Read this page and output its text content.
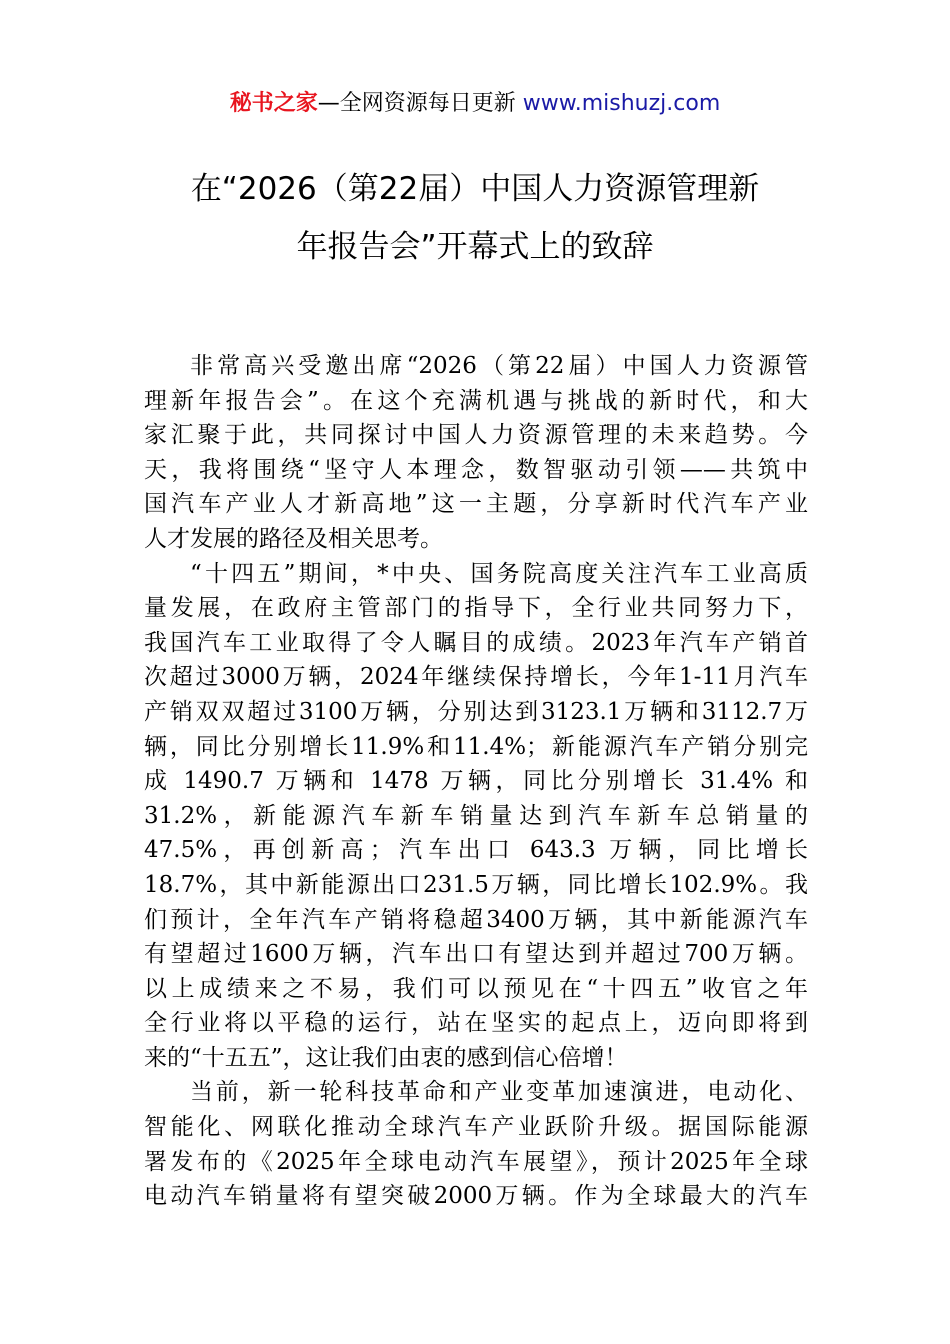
秘书之家—全网资源每日更新 www.mishuzj.com
在“2026（第22届）中国人力资源管理新
年报告会”开幕式上的致辞
非常高兴受邀出席“2026（第22届）中国人力资源管
理新年报告会”。在这个充满机遇与挑战的新时代，和大
家汇聚于此，共同探讨中国人力资源管理的未来趋势。今
天，我将围绕“坚守人本理念，数智驱动引领——共筑中
国汽车产业人才新高地”这一主题，分享新时代汽车产业
人才发展的路径及相关思考。
“十四五”期间，*中央、国务院高度关注汽车工业高质
量发展，在政府主管部门的指导下，全行业共同努力下，
我国汽车工业取得了令人瞩目的成绩。2023年汽车产销首
次超过3000万辆，2024年继续保持增长，今年1-11月汽车
产销双双超过3100万辆，分别达到3123.1万辆和3112.7万
辆，同比分别增长11.9%和11.4%；新能源汽车产销分别完
成 1490.7 万辆和 1478 万辆，同比分别增长 31.4% 和
31.2%，新能源汽车新车销量达到汽车新车总销量的
47.5%，再创新高；汽车出口 643.3 万辆，同比增长
18.7%，其中新能源出口231.5万辆，同比增长102.9%。我
们预计，全年汽车产销将稳超3400万辆，其中新能源汽车
有望超过1600万辆，汽车出口有望达到并超过700万辆。
以上成绩来之不易，我们可以预见在“十四五”收官之年
全行业将以平稳的运行，站在坚实的起点上，迈向即将到
来的“十五五”，这让我们由衷的感到信心倍增！
当前，新一轮科技革命和产业变革加速演进，电动化、
智能化、网联化推动全球汽车产业跃阶升级。据国际能源
署发布的《2025年全球电动汽车展望》，预计2025年全球
电动汽车销量将有望突破2000万辆。作为全球最大的汽车
